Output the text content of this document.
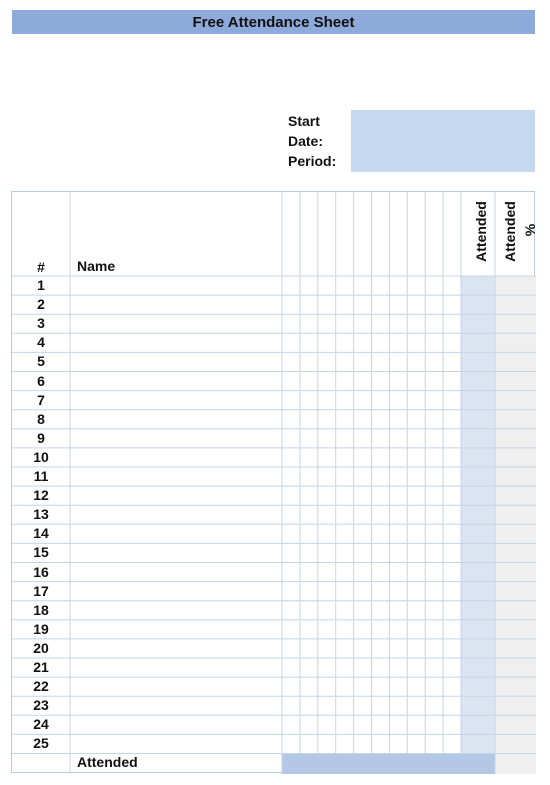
Free Attendance Sheet
Start
Date:
Period:
#	Name
Attended Attended %
1
2
3
4
5
6
7
8
9
10
11
12
13
14
15
16
17
18
19
20
21
22
23
24
25
Attended
